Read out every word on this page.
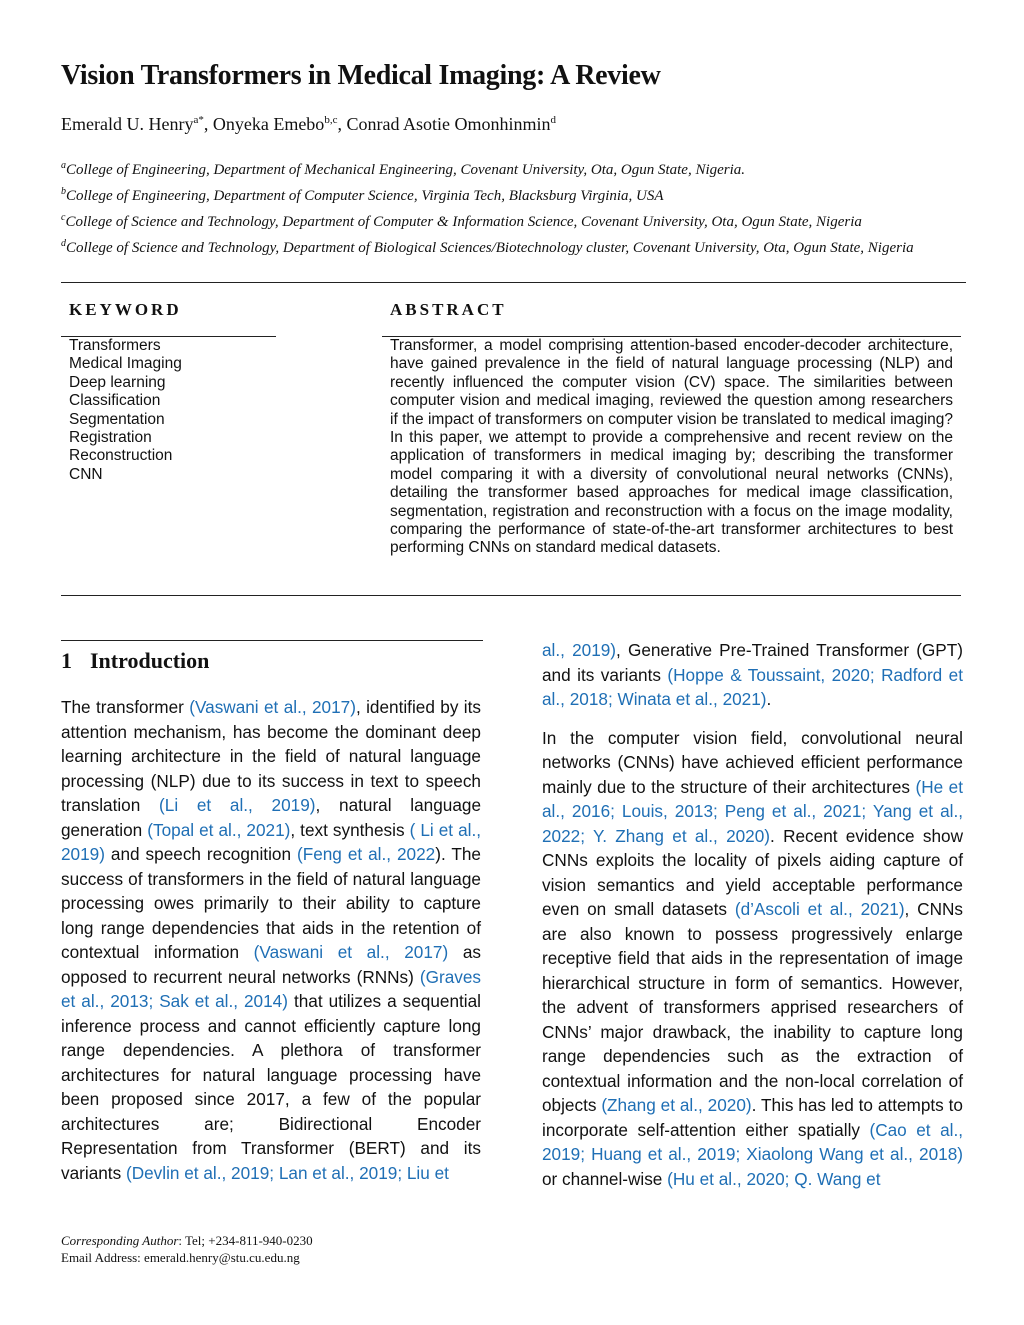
Vision Transformers in Medical Imaging: A Review
Emerald U. Henry$^{a*}$, Onyeka Emebo$^{b,c}$, Conrad Asotie Omonhinmin$^d$
$^a$College of Engineering, Department of Mechanical Engineering, Covenant University, Ota, Ogun State, Nigeria.
$^b$College of Engineering, Department of Computer Science, Virginia Tech, Blacksburg Virginia, USA
$^c$College of Science and Technology, Department of Computer & Information Science, Covenant University, Ota, Ogun State, Nigeria
$^d$College of Science and Technology, Department of Biological Sciences/Biotechnology cluster, Covenant University, Ota, Ogun State, Nigeria
KEYWORD
Transformers
Medical Imaging
Deep learning
Classification
Segmentation
Registration
Reconstruction
CNN
ABSTRACT

Transformer, a model comprising attention-based encoder-decoder architecture, have gained prevalence in the field of natural language processing (NLP) and recently influenced the computer vision (CV) space. The similarities between computer vision and medical imaging, reviewed the question among researchers if the impact of transformers on computer vision be translated to medical imaging? In this paper, we attempt to provide a comprehensive and recent review on the application of transformers in medical imaging by; describing the transformer model comparing it with a diversity of convolutional neural networks (CNNs), detailing the transformer based approaches for medical image classification, segmentation, registration and reconstruction with a focus on the image modality, comparing the performance of state-of-the-art transformer architectures to best performing CNNs on standard medical datasets.

1 Introduction

The transformer (Vaswani et al., 2017), identified by its attention mechanism, has become the dominant deep learning architecture in the field of natural language processing (NLP) due to its success in text to speech translation (Li et al., 2019), natural language generation (Topal et al., 2021), text synthesis ( Li et al., 2019) and speech recognition (Feng et al., 2022). The success of transformers in the field of natural language processing owes primarily to their ability to capture long range dependencies that aids in the retention of contextual information (Vaswani et al., 2017) as opposed to recurrent neural networks (RNNs) (Graves et al., 2013; Sak et al., 2014) that utilizes a sequential inference process and cannot efficiently capture long range dependencies. A plethora of transformer architectures for natural language processing have been proposed since 2017, a few of the popular architectures are; Bidirectional Encoder Representation from Transformer (BERT) and its variants (Devlin et al., 2019; Lan et al., 2019; Liu et

al., 2019), Generative Pre-Trained Transformer (GPT) and its variants (Hoppe & Toussaint, 2020; Radford et al., 2018; Winata et al., 2021).

In the computer vision field, convolutional neural networks (CNNs) have achieved efficient performance mainly due to the structure of their architectures (He et al., 2016; Louis, 2013; Peng et al., 2021; Yang et al., 2022; Y. Zhang et al., 2020). Recent evidence show CNNs exploits the locality of pixels aiding capture of vision semantics and yield acceptable performance even on small datasets (d’Ascoli et al., 2021), CNNs are also known to possess progressively enlarge receptive field that aids in the representation of image hierarchical structure in form of semantics. However, the advent of transformers apprised researchers of CNNs’ major drawback, the inability to capture long range dependencies such as the extraction of contextual information and the non-local correlation of objects (Zhang et al., 2020). This has led to attempts to incorporate self-attention either spatially (Cao et al., 2019; Huang et al., 2019; Xiaolong Wang et al., 2018) or channel-wise (Hu et al., 2020; Q. Wang et

Corresponding Author: Tel; +234-811-940-0230
Email Address: emerald.henry@stu.cu.edu.ng
